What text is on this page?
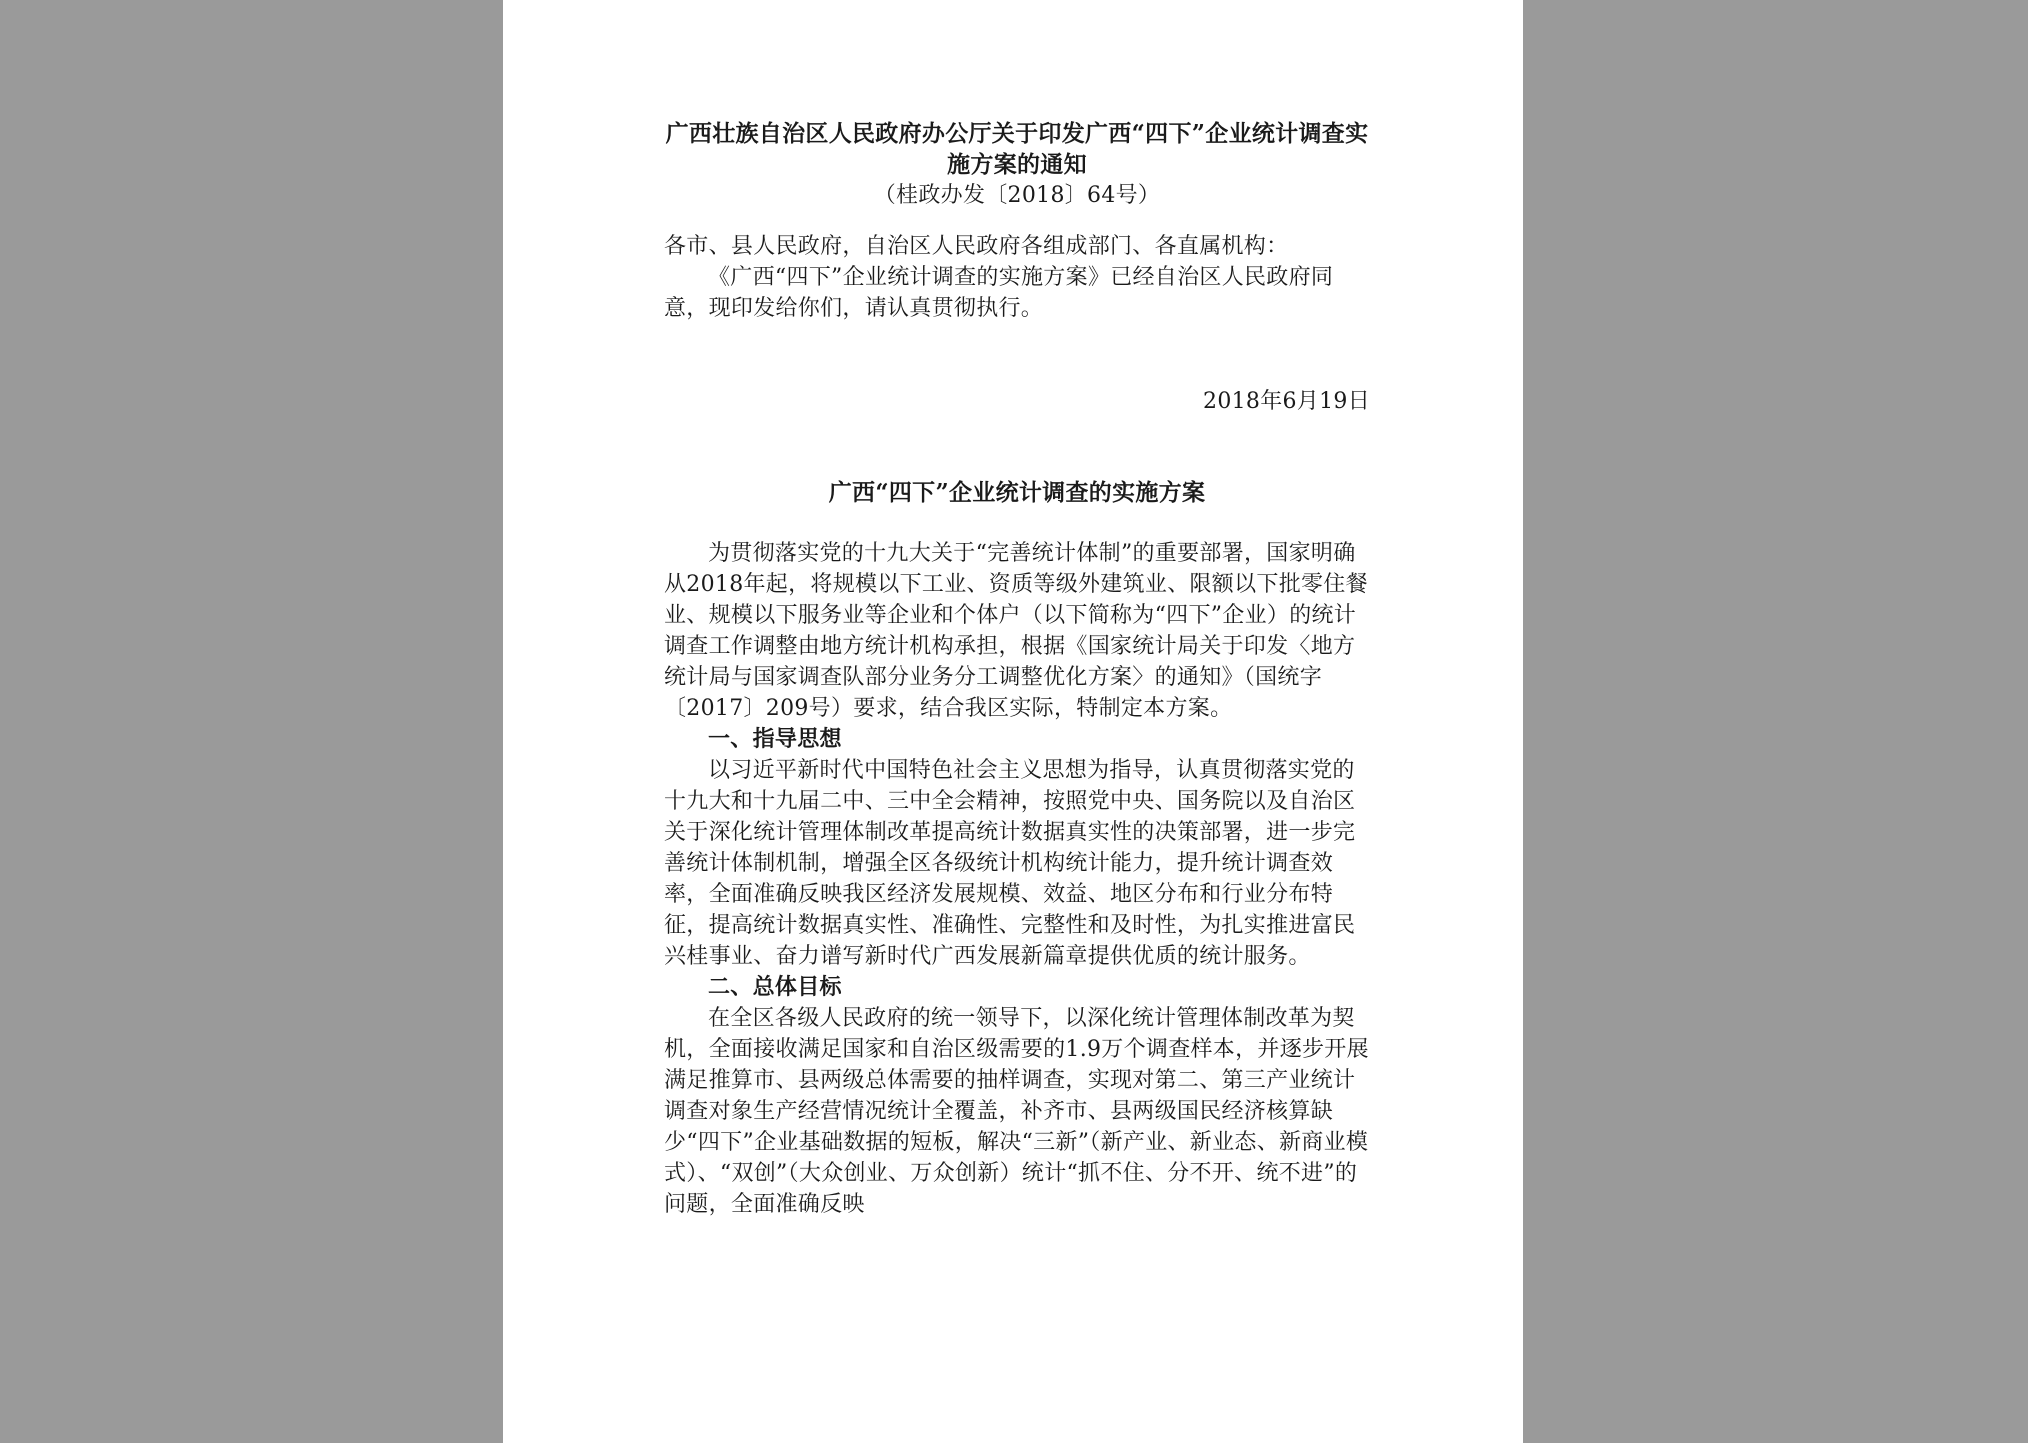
广西壮族自治区人民政府办公厅关于印发广西“四下”企业统计调查实施方案的通知

（桂政办发〔2018〕64号）

各市、县人民政府，自治区人民政府各组成部门、各直属机构：

《广西“四下”企业统计调查的实施方案》已经自治区人民政府同意，现印发给你们，请认真贯彻执行。

2018年6月19日

广西“四下”企业统计调查的实施方案

为贯彻落实党的十九大关于“完善统计体制”的重要部署，国家明确从2018年起，将规模以下工业、资质等级外建筑业、限额以下批零住餐业、规模以下服务业等企业和个体户（以下简称为“四下”企业）的统计调查工作调整由地方统计机构承担，根据《国家统计局关于印发〈地方统计局与国家调查队部分业务分工调整优化方案〉的通知》（国统字〔2017〕209号）要求，结合我区实际，特制定本方案。

一、指导思想

以习近平新时代中国特色社会主义思想为指导，认真贯彻落实党的十九大和十九届二中、三中全会精神，按照党中央、国务院以及自治区关于深化统计管理体制改革提高统计数据真实性的决策部署，进一步完善统计体制机制，增强全区各级统计机构统计能力，提升统计调查效率，全面准确反映我区经济发展规模、效益、地区分布和行业分布特征，提高统计数据真实性、准确性、完整性和及时性，为扎实推进富民兴桂事业、奋力谱写新时代广西发展新篇章提供优质的统计服务。

二、总体目标

在全区各级人民政府的统一领导下，以深化统计管理体制改革为契机，全面接收满足国家和自治区级需要的1.9万个调查样本，并逐步开展满足推算市、县两级总体需要的抽样调查，实现对第二、第三产业统计调查对象生产经营情况统计全覆盖，补齐市、县两级国民经济核算缺少“四下”企业基础数据的短板，解决“三新”（新产业、新业态、新商业模式）、“双创”（大众创业、万众创新）统计“抓不住、分不开、统不进”的问题，全面准确反映
